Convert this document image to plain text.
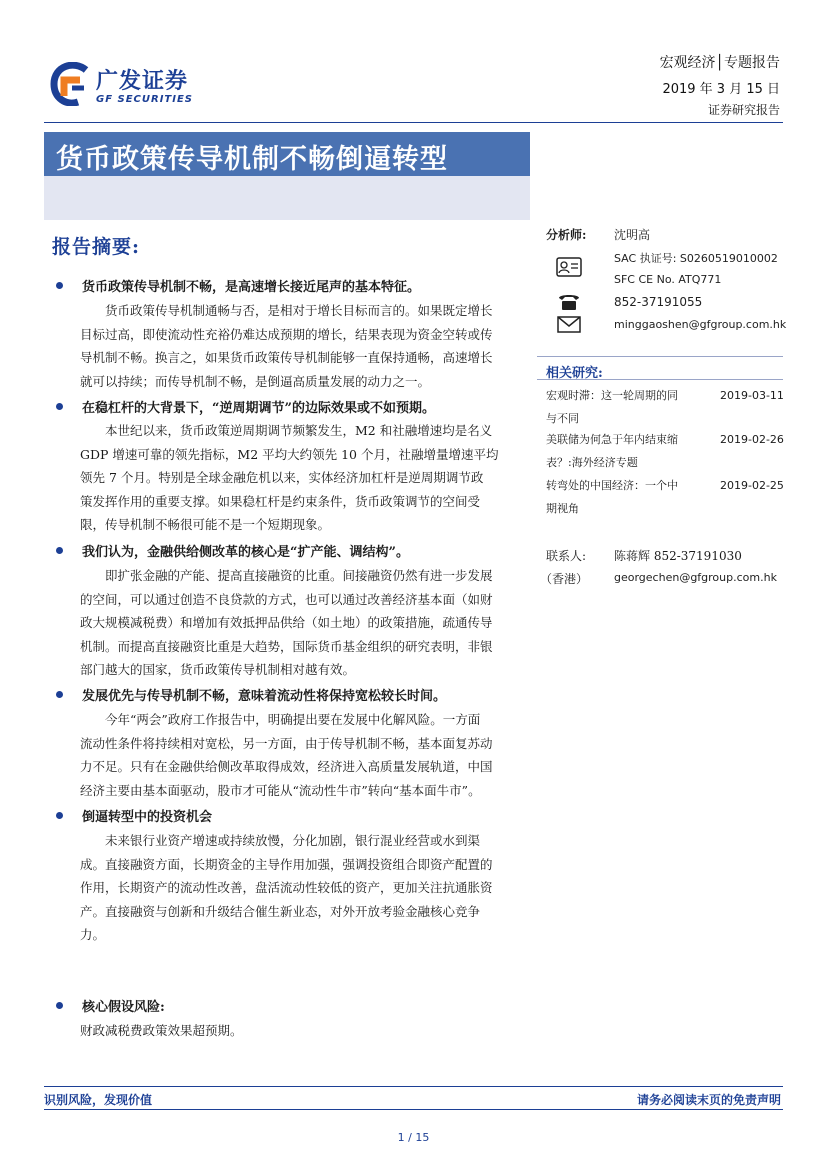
广发证券
GF SECURITIES
宏观经济│专题报告
2019 年 3 月 15 日
证券研究报告
货币政策传导机制不畅倒逼转型
报告摘要:
货币政策传导机制不畅，是高速增长接近尾声的基本特征。
货币政策传导机制通畅与否，是相对于增长目标而言的。如果既定增长
目标过高，即使流动性充裕仍难达成预期的增长，结果表现为资金空转或传
导机制不畅。换言之，如果货币政策传导机制能够一直保持通畅，高速增长
就可以持续；而传导机制不畅，是倒逼高质量发展的动力之一。
在稳杠杆的大背景下，“逆周期调节”的边际效果或不如预期。
本世纪以来，货币政策逆周期调节频繁发生，M2 和社融增速均是名义
GDP 增速可靠的领先指标，M2 平均大约领先 10 个月，社融增量增速平均
领先 7 个月。特别是全球金融危机以来，实体经济加杠杆是逆周期调节政
策发挥作用的重要支撑。如果稳杠杆是约束条件，货币政策调节的空间受
限，传导机制不畅很可能不是一个短期现象。
我们认为，金融供给侧改革的核心是“扩产能、调结构”。
即扩张金融的产能、提高直接融资的比重。间接融资仍然有进一步发展
的空间，可以通过创造不良贷款的方式，也可以通过改善经济基本面（如财
政大规模减税费）和增加有效抵押品供给（如土地）的政策措施，疏通传导
机制。而提高直接融资比重是大趋势，国际货币基金组织的研究表明，非银
部门越大的国家，货币政策传导机制相对越有效。
发展优先与传导机制不畅，意味着流动性将保持宽松较长时间。
今年“两会”政府工作报告中，明确提出要在发展中化解风险。一方面
流动性条件将持续相对宽松，另一方面，由于传导机制不畅，基本面复苏动
力不足。只有在金融供给侧改革取得成效，经济进入高质量发展轨道，中国
经济主要由基本面驱动，股市才可能从“流动性牛市”转向“基本面牛市”。
倒逼转型中的投资机会
未来银行业资产增速或持续放慢，分化加剧，银行混业经营或水到渠
成。直接融资方面，长期资金的主导作用加强，强调投资组合即资产配置的
作用，长期资产的流动性改善，盘活流动性较低的资产，更加关注抗通胀资
产。直接融资与创新和升级结合催生新业态，对外开放考验金融核心竞争
力。
核心假设风险:
财政减税费政策效果超预期。
分析师: 沈明高
SAC 执证号: S0260519010002
SFC CE No. ATQ771
852-37191055
minggaoshen@gfgroup.com.hk
相关研究:
宏观时滞：这一轮周期的同
与不同
2019-03-11
美联储为何急于年内结束缩
表？:海外经济专题
2019-02-26
转弯处的中国经济：一个中
期视角
2019-02-25
联系人: 陈蒋辉 852-37191030
（香港） georgechen@gfgroup.com.hk
识别风险，发现价值	请务必阅读末页的免责声明
1 / 15
